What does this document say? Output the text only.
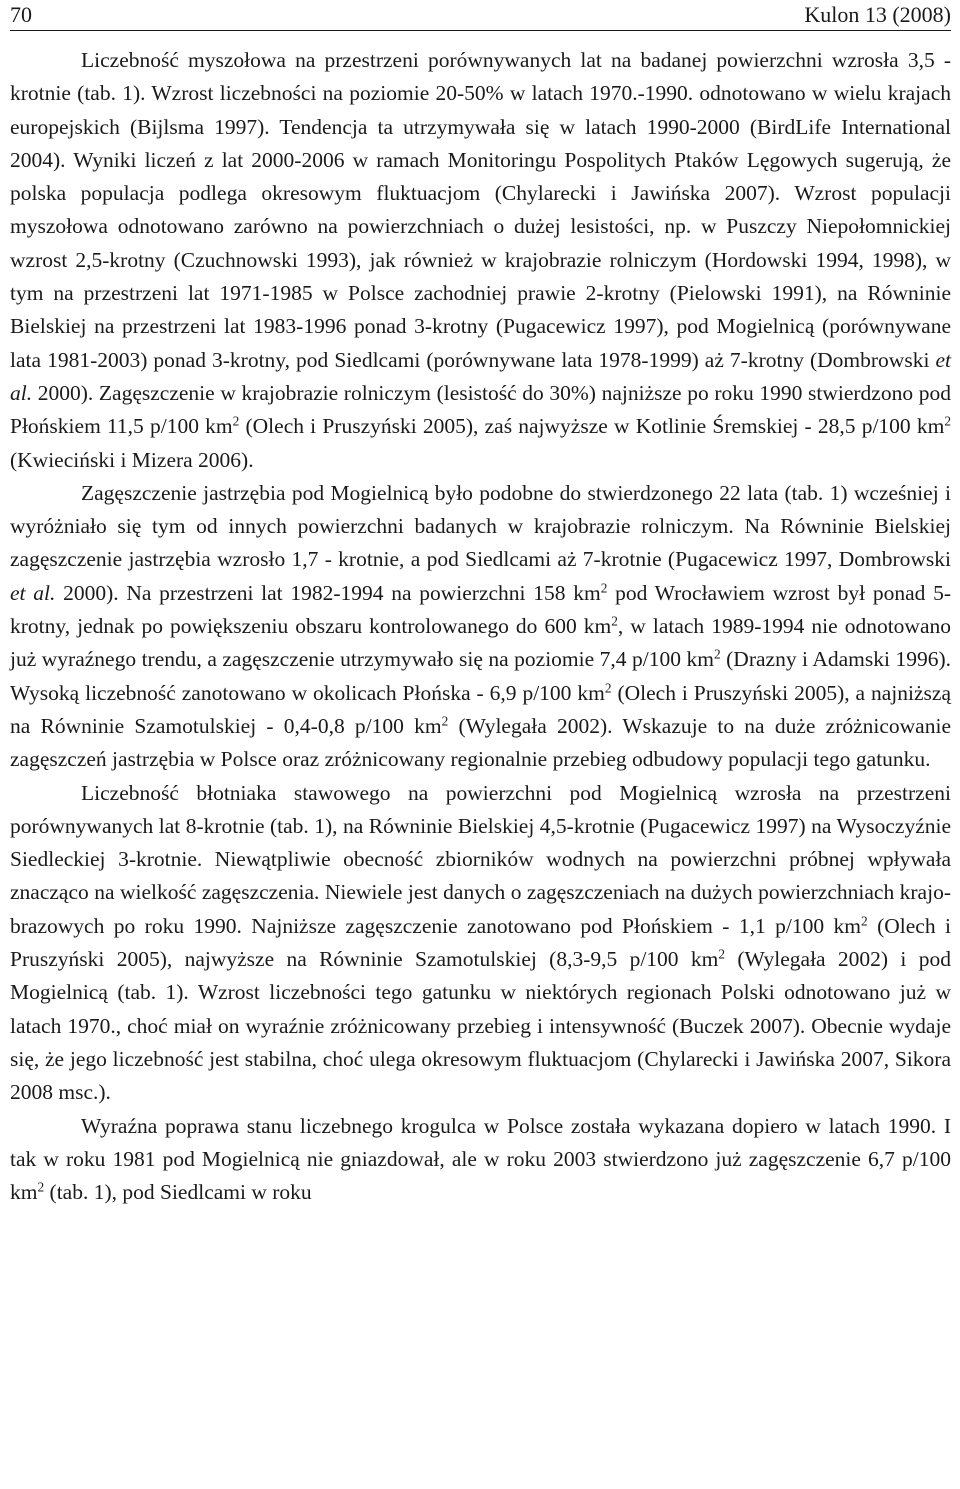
70	Kulon 13 (2008)

Liczebność myszołowa na przestrzeni porównywanych lat na badanej powierzchni wzrosła 3,5 - krotnie (tab. 1). Wzrost liczebności na poziomie 20-50% w latach 1970.-1990. odnotowano w wielu krajach europejskich (Bijlsma 1997). Tendencja ta utrzymywała się w latach 1990-2000 (BirdLife International 2004). Wyniki liczeń z lat 2000-2006 w ramach Monitoringu Pospolitych Ptaków Lęgowych sugerują, że polska populacja podlega okresowym fluktuacjom (Chylarecki i Jawińska 2007). Wzrost populacji myszołowa odnotowano zarówno na powierzchniach o dużej lesistości, np. w Puszczy Niepołomnickiej wzrost 2,5-krotny (Czuchnowski 1993), jak również w krajobrazie rolniczym (Hordowski 1994, 1998), w tym na przestrzeni lat 1971-1985 w Polsce zachodniej prawie 2-krotny (Pielowski 1991), na Równinie Bielskiej na przestrzeni lat 1983-1996 ponad 3-krotny (Pugacewicz 1997), pod Mogielnicą (porównywane lata 1981-2003) ponad 3-krotny, pod Siedlcami (porównywane lata 1978-1999) aż 7-krotny (Dombrowski et al. 2000). Zagęszczenie w krajobrazie rolniczym (lesistość do 30%) najniższe po roku 1990 stwierdzono pod Płońskiem 11,5 p/100 $km^2$ (Olech i Pruszyński 2005), zaś najwyższe w Kotlinie Śremskiej - 28,5 p/100 $km^2$ (Kwieciński i Mizera 2006).

Zagęszczenie jastrzębia pod Mogielnicą było podobne do stwierdzonego 22 lata (tab. 1) wcześniej i wyróżniało się tym od innych powierzchni badanych w krajobrazie rolniczym. Na Równinie Bielskiej zagęszczenie jastrzębia wzrosło 1,7 - krotnie, a pod Siedlcami aż 7-krotnie (Pugacewicz 1997, Dombrowski et al. 2000). Na przestrzeni lat 1982-1994 na powierzchni 158 $km^2$ pod Wrocławiem wzrost był ponad 5-krotny, jednak po powiększeniu obszaru kontrolowanego do 600 $km^2$, w latach 1989-1994 nie odnotowano już wyraźnego trendu, a zagęszczenie utrzymywało się na poziomie 7,4 p/100 $km^2$ (Drazny i Adamski 1996). Wysoką liczebność zanotowano w okolicach Płońska - 6,9 p/100 $km^2$ (Olech i Pruszyński 2005), a najniższą na Równinie Szamotulskiej - 0,4-0,8 p/100 $km^2$ (Wylegała 2002). Wskazuje to na duże zróżnicowanie zagęszczeń jastrzębia w Polsce oraz zróżnicowany regionalnie przebieg odbudowy populacji tego gatunku.

Liczebność błotniaka stawowego na powierzchni pod Mogielnicą wzrosła na przestrzeni porównywanych lat 8-krotnie (tab. 1), na Równinie Bielskiej 4,5-krotnie (Pugacewicz 1997) na Wysoczyźnie Siedleckiej 3-krotnie. Niewątpliwie obecność zbiorników wodnych na powierzchni próbnej wpływała znacząco na wielkość zagęszczenia. Niewiele jest danych o zagęszczeniach na dużych powierzchniach krajobrazowych po roku 1990. Najniższe zagęszczenie zanotowano pod Płońskiem - 1,1 p/100 $km^2$ (Olech i Pruszyński 2005), najwyższe na Równinie Szamotulskiej (8,3-9,5 p/100 $km^2$ (Wylegała 2002) i pod Mogielnicą (tab. 1). Wzrost liczebności tego gatunku w niektórych regionach Polski odnotowano już w latach 1970., choć miał on wyraźnie zróżnicowany przebieg i intensywność (Buczek 2007). Obecnie wydaje się, że jego liczebność jest stabilna, choć ulega okresowym fluktuacjom (Chylarecki i Jawińska 2007, Sikora 2008 msc.).

Wyraźna poprawa stanu liczebnego krogulca w Polsce została wykazana dopiero w latach 1990. I tak w roku 1981 pod Mogielnicą nie gniazdował, ale w roku 2003 stwierdzono już zagęszczenie 6,7 p/100 $km^2$ (tab. 1), pod Siedlcami w roku
